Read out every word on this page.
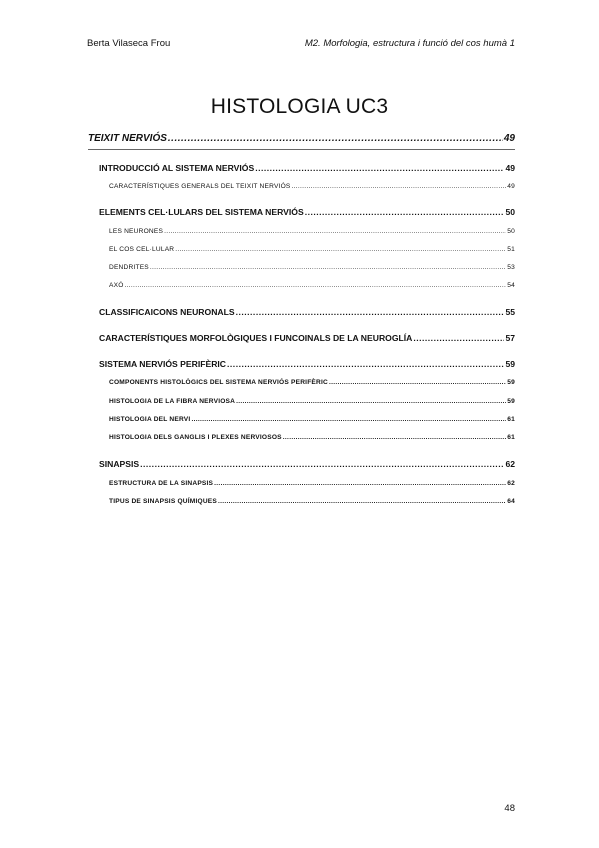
Berta Vilaseca Frou	M2. Morfologia, estructura i funció del cos humà 1
HISTOLOGIA UC3
TEIXIT NERVIÓS .....	49
INTRODUCCIÓ AL SISTEMA NERVIÓS .....	49
CARACTERÍSTIQUES GENERALS DEL TEIXIT NERVIÓS .....	49
ELEMENTS CEL·LULARS DEL SISTEMA NERVIÓS .....	50
LES NEURONES .....	50
EL COS CEL·LULAR .....	51
DENDRITES .....	53
AXÓ .....	54
CLASSIFICAICONS NEURONALS .....	55
CARACTERÍSTIQUES MORFOLÒGIQUES I FUNCOINALS DE LA NEUROGLÍA .....	57
SISTEMA NERVIÓS PERIFÈRIC .....	59
COMPONENTS HISTOLÒGICS DEL SISTEMA NERVIÓS PERIFÈRIC .....	59
HISTOLOGIA DE LA FIBRA NERVIOSA .....	59
HISTOLOGIA DEL NERVI .....	61
HISTOLOGIA DELS GANGLIS I PLEXES NERVIOSOS .....	61
SINAPSIS .....	62
ESTRUCTURA DE LA SINAPSIS .....	62
TIPUS DE SINAPSIS QUÍMIQUES .....	64
48
